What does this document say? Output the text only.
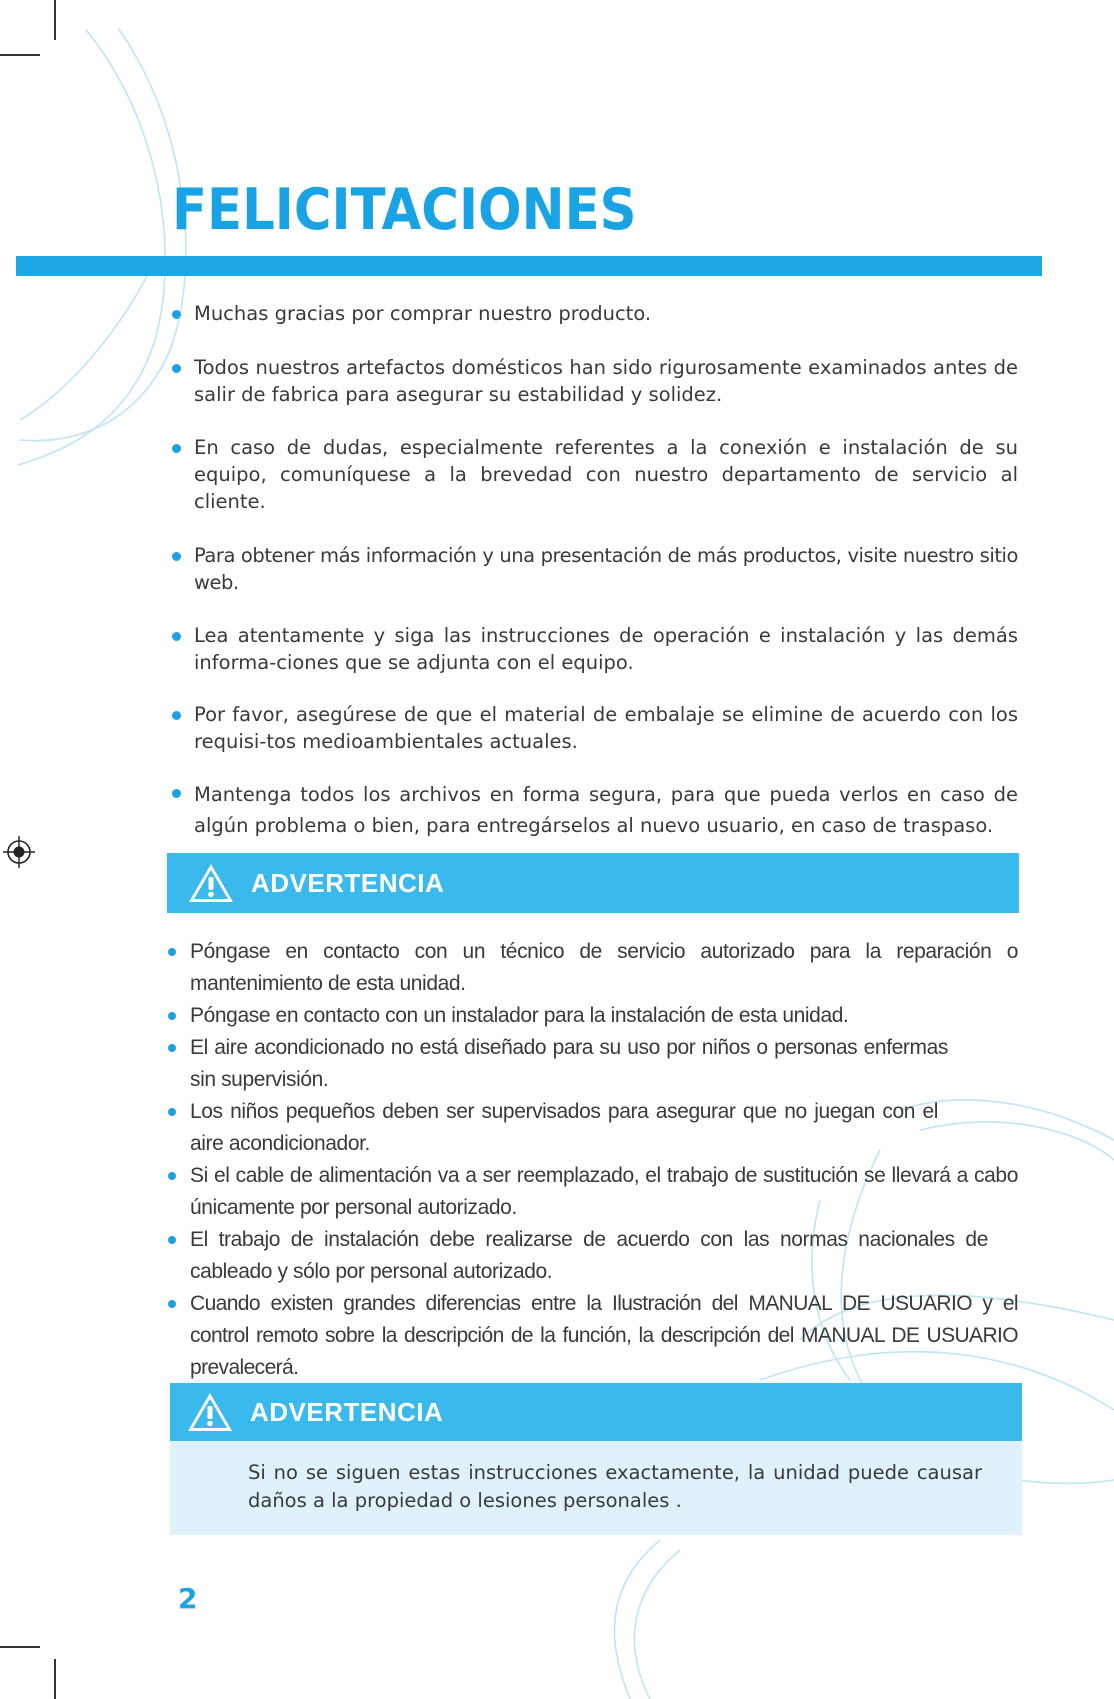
FELICITACIONES
Muchas gracias por comprar nuestro producto.
Todos nuestros artefactos domésticos han sido rigurosamente examinados antes de salir de fabrica para asegurar su estabilidad y solidez.
En caso de dudas, especialmente referentes a la conexión e instalación de su equipo, comuníquese a la brevedad con nuestro departamento de servicio al cliente.
Para obtener más información y una presentación de más productos, visite nuestro sitio web.
Lea atentamente y siga las instrucciones de operación e instalación y las demás informa-ciones que se adjunta con el equipo.
Por favor, asegúrese de que el material de embalaje se elimine de acuerdo con los requisi-tos medioambientales actuales.
Mantenga todos los archivos en forma segura, para que pueda verlos en caso de algún problema o bien, para entregárselos al nuevo usuario, en caso de traspaso.
ADVERTENCIA
Póngase en contacto con un técnico de servicio autorizado para la reparación o mantenimiento de esta unidad.
Póngase en contacto con un instalador para la instalación de esta unidad.
El aire acondicionado no está diseñado para su uso por niños o personas enfermas sin supervisión.
Los niños pequeños deben ser supervisados para asegurar que no juegan con el aire acondicionador.
Si el cable de alimentación va a ser reemplazado, el trabajo de sustitución se llevará a cabo únicamente por personal autorizado.
El trabajo de instalación debe realizarse de acuerdo con las normas nacionales de cableado y sólo por personal autorizado.
Cuando existen grandes diferencias entre la Ilustración del MANUAL DE USUARIO y el control remoto sobre la descripción de la función, la descripción del MANUAL DE USUARIO prevalecerá.
ADVERTENCIA

Si no se siguen estas instrucciones exactamente, la unidad puede causar daños a la propiedad o lesiones personales .

2
